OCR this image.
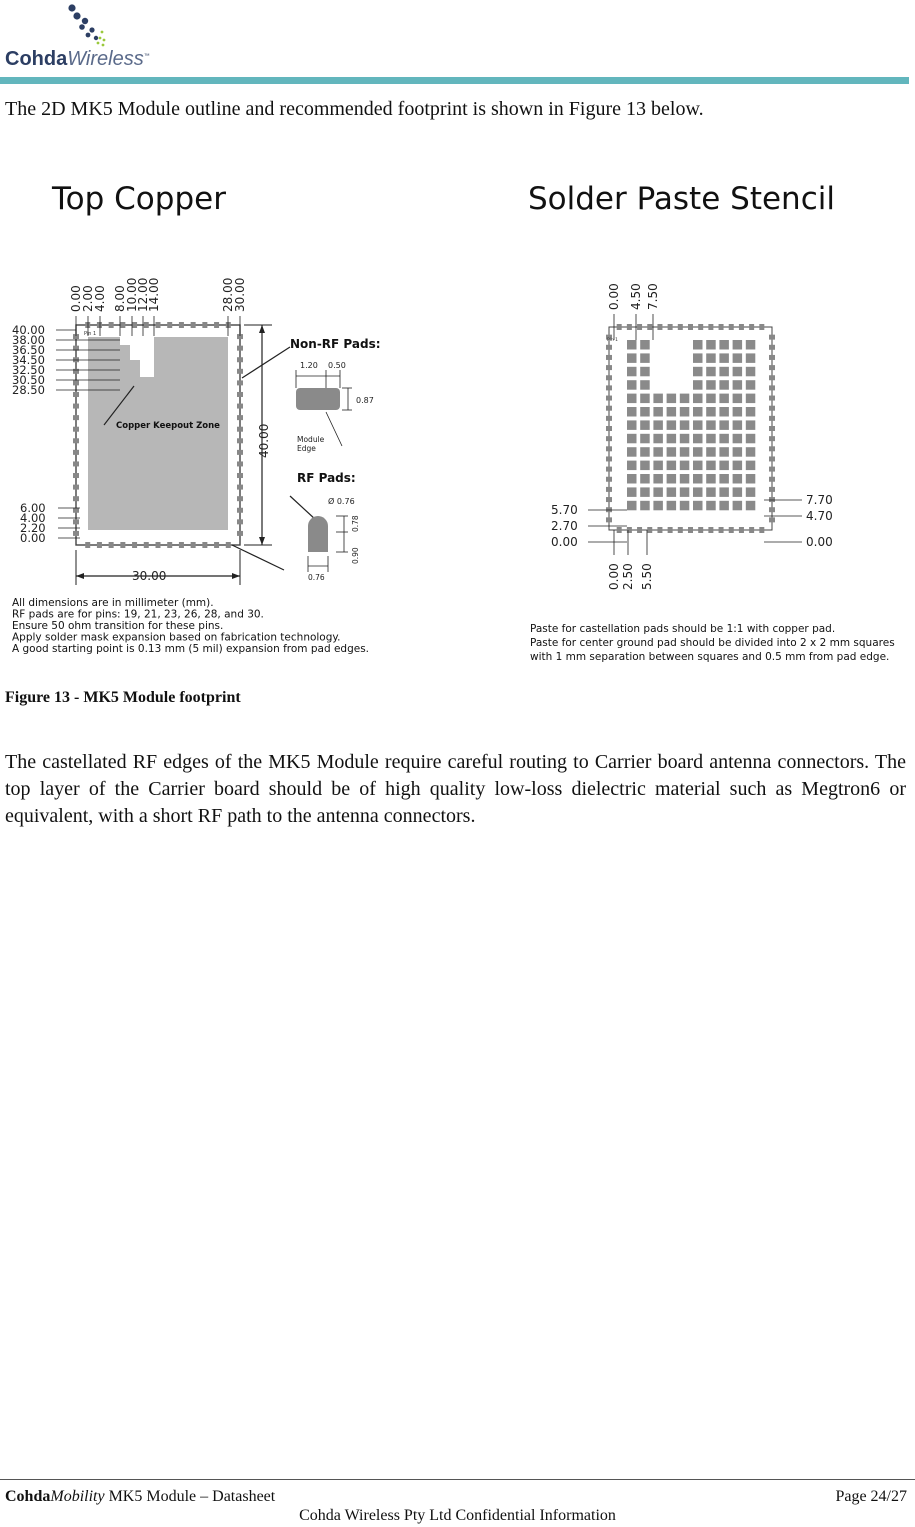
CohdaWireless™
The 2D MK5 Module outline and recommended footprint is shown in Figure 13 below.
Top Copper	Solder Paste Stencil
Pin 1
0.00
2.00
4.00 8.00
10.00
12.00
14.00	28.00
30.00
40.00
38.00
36.50
34.50
32.50
30.50
28.50
6.00
4.00
2.20
0.00
Copper Keepout Zone	40.00
30.00
Non-RF Pads:
1.20 0.50
0.87
Module
Edge
RF Pads:
Ø 0.76
0.78
0.90
0.76
All dimensions are in millimeter (mm).
RF pads are for pins: 19, 21, 23, 26, 28, and 30.
Ensure 50 ohm transition for these pins.
Apply solder mask expansion based on fabrication technology.
A good starting point is 0.13 mm (5 mil) expansion from pad edges.
Pin 1
0.00 4.50 7.50
5.70
2.70
0.00
7.70
4.70
0.00
0.00 2.50 5.50
Paste for castellation pads should be 1:1 with copper pad.
Paste for center ground pad should be divided into 2 x 2 mm squares
with 1 mm separation between squares and 0.5 mm from pad edge.
Figure 13 - MK5 Module footprint
The castellated RF edges of the MK5 Module require careful routing to Carrier board antenna connectors. The top layer of the Carrier board should be of high quality low-loss dielectric material such as Megtron6 or equivalent, with a short RF path to the antenna connectors.
CohdaMobility MK5 Module – Datasheet	Page 24/27
Cohda Wireless Pty Ltd Confidential Information
